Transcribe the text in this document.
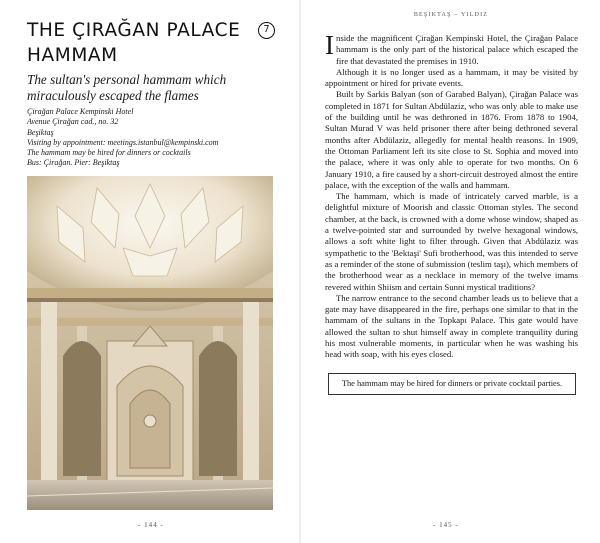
THE ÇIRAĞAN PALACE HAMMAM
7
The sultan's personal hammam which miraculously escaped the flames
Çirağan Palace Kempinski Hotel
Avenue Çirağan cad., no. 32
Beşiktaş
Visiting by appointment: meetings.istanbul@kempinski.com
The hammam may be hired for dinners or cocktails
Bus: Çirağan. Pier: Beşiktaş
- 144 -
BEŞIKTAŞ – YILDIZ

Inside the magnificent Çirağan Kempinski Hotel, the Çirağan Palace hammam is the only part of the historical palace which escaped the fire that devastated the premises in 1910.

Although it is no longer used as a hammam, it may be visited by appointment or hired for private events.

Built by Sarkis Balyan (son of Garabed Balyan), Çirağan Palace was completed in 1871 for Sultan Abdülaziz, who was only able to make use of the building until he was dethroned in 1876. From 1878 to 1904, Sultan Murad V was held prisoner there after being dethroned several months after Abdülaziz, allegedly for mental health reasons. In 1909, the Ottoman Parliament left its site close to St. Sophia and moved into the palace, where it was only able to operate for two months. On 6 January 1910, a fire caused by a short-circuit destroyed almost the entire palace, with the exception of the walls and hammam.

The hammam, which is made of intricately carved marble, is a delightful mixture of Moorish and classic Ottoman styles. The second chamber, at the back, is crowned with a dome whose window, shaped as a twelve-pointed star and surrounded by twelve hexagonal windows, allows a soft white light to filter through. Given that Abdülaziz was sympathetic to the 'Bektaşi' Sufi brotherhood, was this intended to serve as a reminder of the stone of submission (teslim taşı), which members of the brotherhood wear as a necklace in memory of the twelve imams revered within Shiism and certain Sunni mystical traditions?

The narrow entrance to the second chamber leads us to believe that a gate may have disappeared in the fire, perhaps one similar to that in the hammam of the sultans in the Topkapı Palace. This gate would have allowed the sultan to shut himself away in complete tranquility during his most vulnerable moments, in particular when he was washing his head with soap, with his eyes closed.

The hammam may be hired for dinners or private cocktail parties.
- 145 -
